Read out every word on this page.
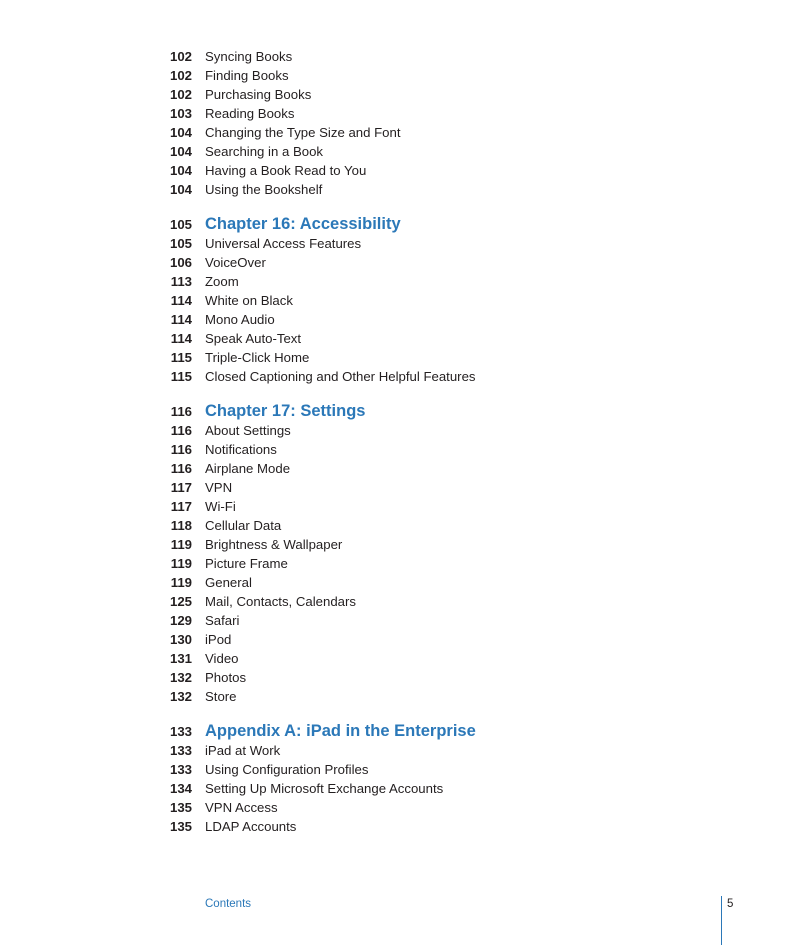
102 Syncing Books
102 Finding Books
102 Purchasing Books
103 Reading Books
104 Changing the Type Size and Font
104 Searching in a Book
104 Having a Book Read to You
104 Using the Bookshelf
105 Chapter 16: Accessibility
105 Universal Access Features
106 VoiceOver
113 Zoom
114 White on Black
114 Mono Audio
114 Speak Auto-Text
115 Triple-Click Home
115 Closed Captioning and Other Helpful Features
116 Chapter 17: Settings
116 About Settings
116 Notifications
116 Airplane Mode
117 VPN
117 Wi-Fi
118 Cellular Data
119 Brightness & Wallpaper
119 Picture Frame
119 General
125 Mail, Contacts, Calendars
129 Safari
130 iPod
131 Video
132 Photos
132 Store
133 Appendix A: iPad in the Enterprise
133 iPad at Work
133 Using Configuration Profiles
134 Setting Up Microsoft Exchange Accounts
135 VPN Access
135 LDAP Accounts
Contents	5
